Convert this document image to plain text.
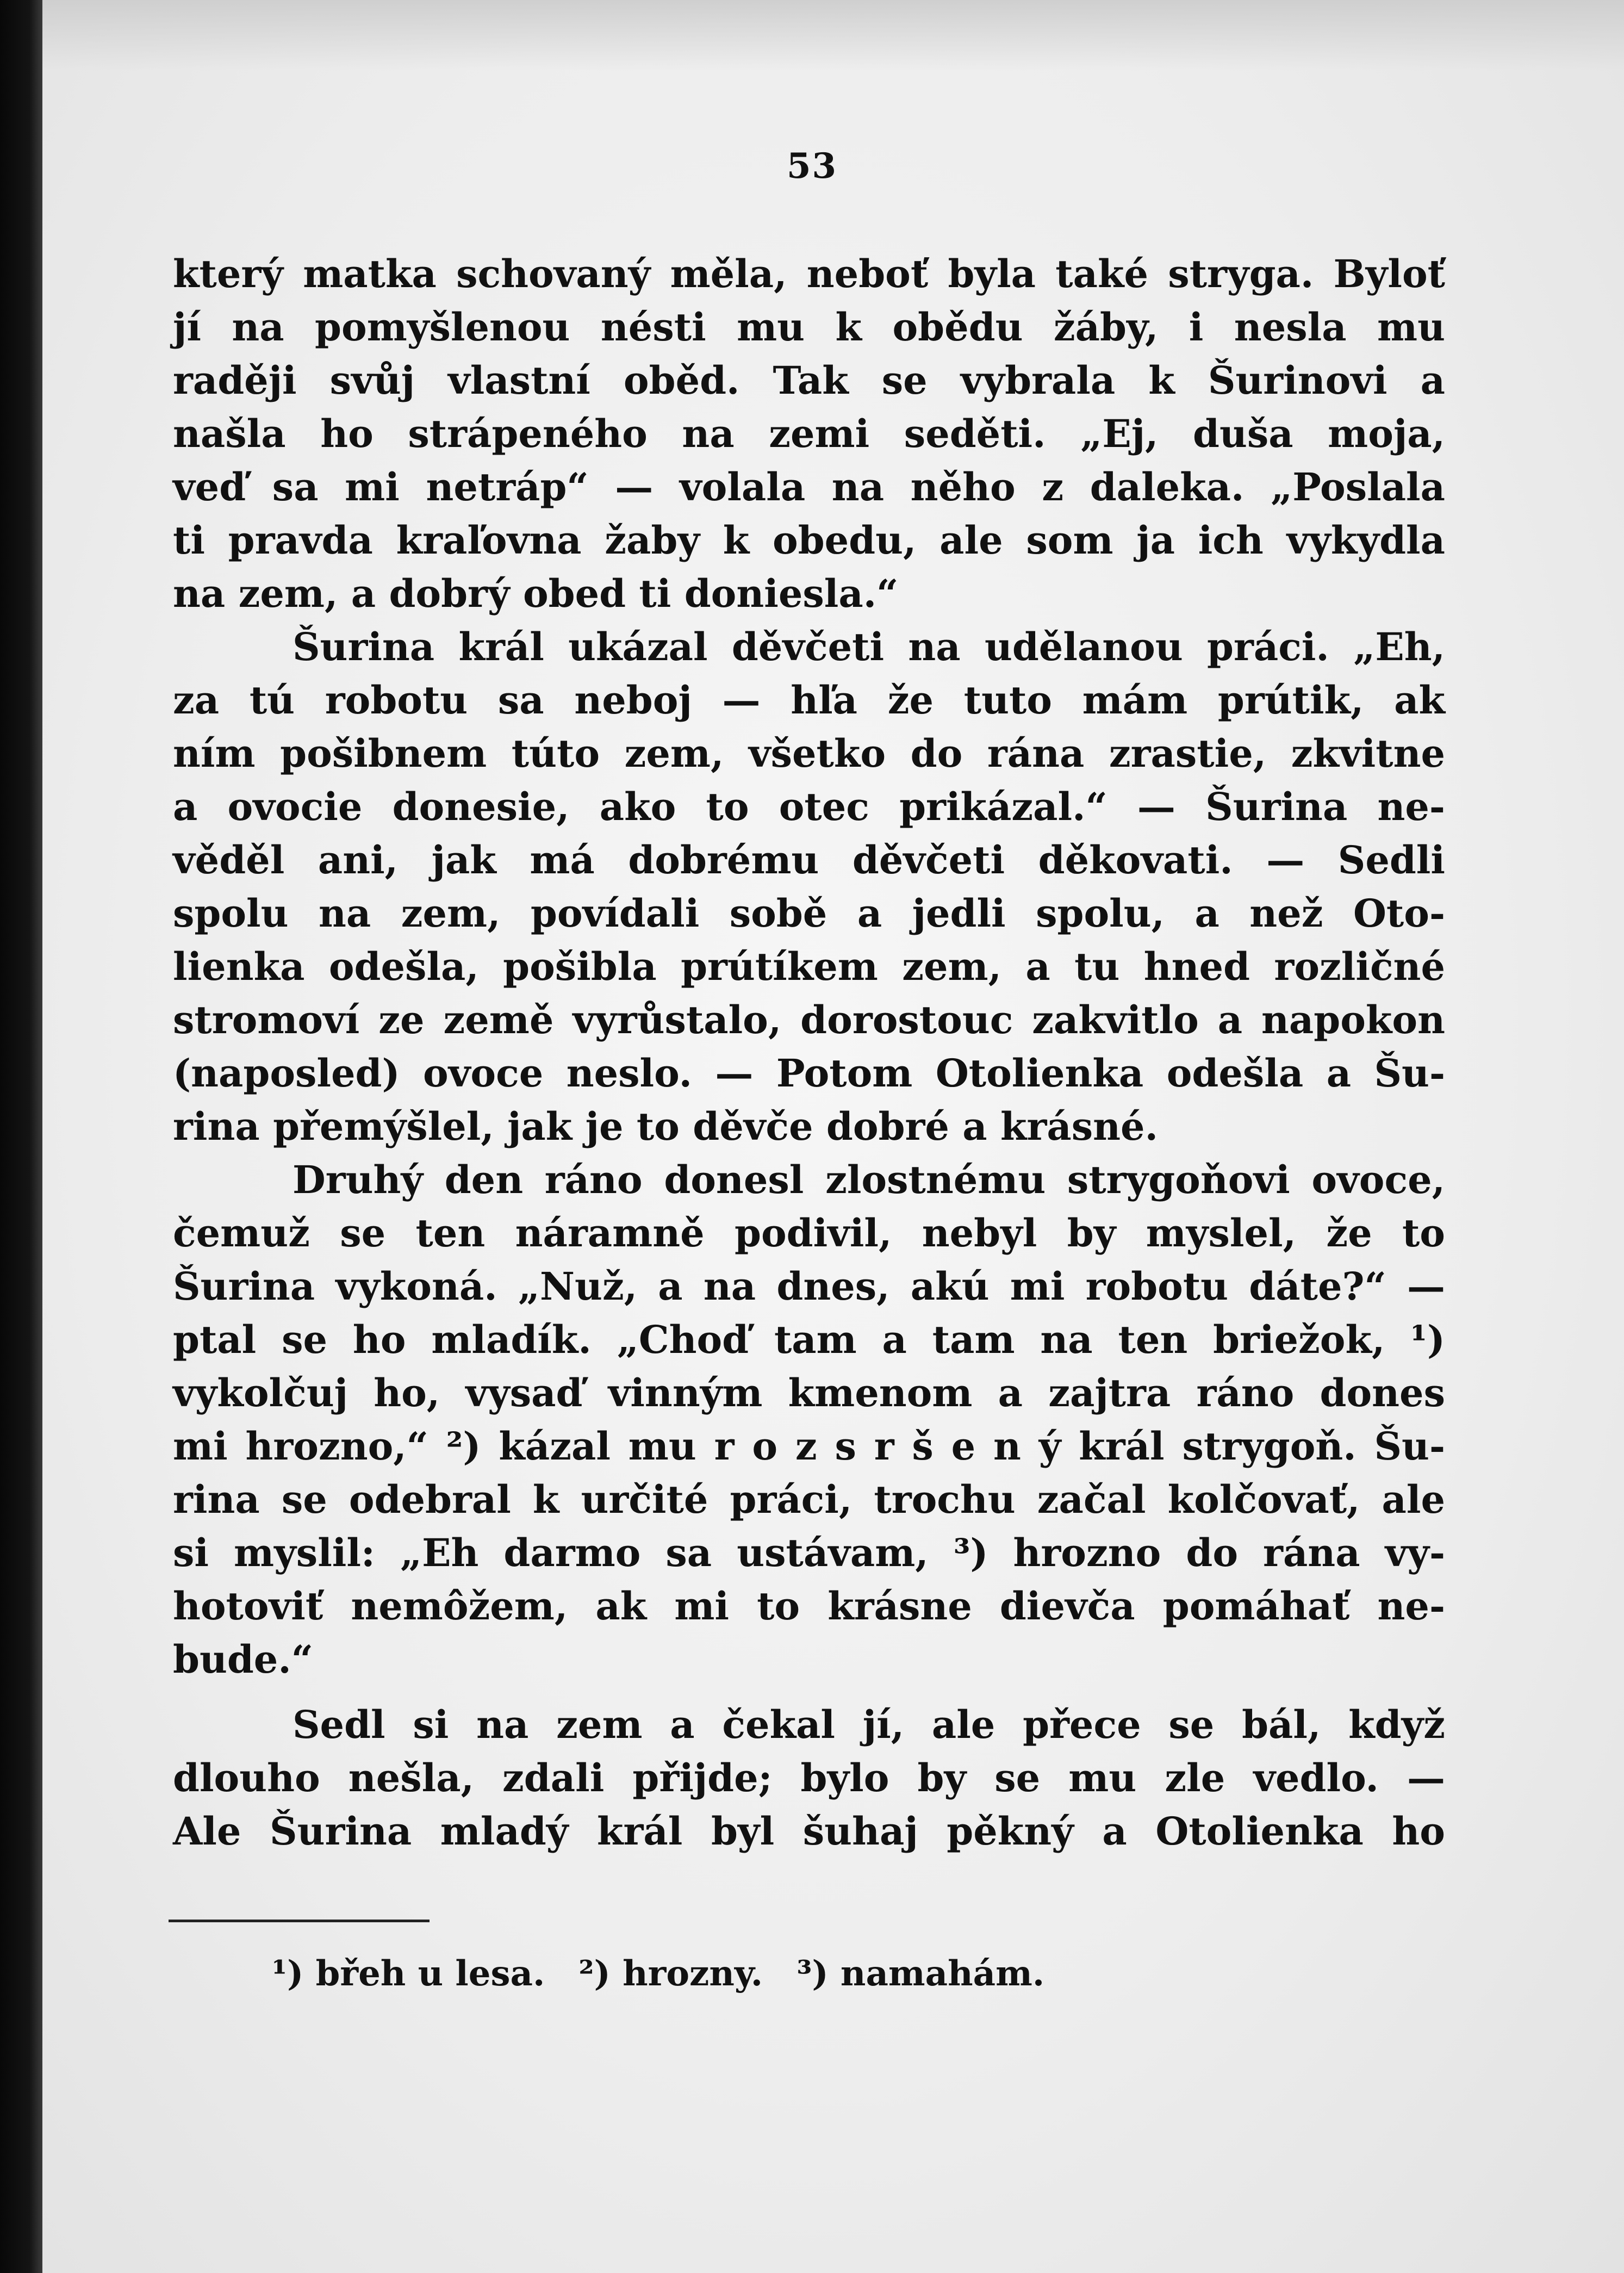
53
který matka schovaný měla, neboť byla také stryga. Byloť
jí na pomyšlenou nésti mu k obědu žáby, i nesla mu
raději svůj vlastní oběd. Tak se vybrala k Šurinovi a
našla ho strápeného na zemi seděti. „Ej, duša moja,
veď sa mi netráp“ — volala na něho z daleka. „Poslala
ti pravda kraľovna žaby k obedu, ale som ja ich vykydla
na zem, a dobrý obed ti doniesla.“
Šurina král ukázal děvčeti na udělanou práci. „Eh,
za tú robotu sa neboj — hľa že tuto mám prútik, ak
ním pošibnem túto zem, všetko do rána zrastie, zkvitne
a ovocie donesie, ako to otec prikázal.“ — Šurina ne-
věděl ani, jak má dobrému děvčeti děkovati. — Sedli
spolu na zem, povídali sobě a jedli spolu, a než Oto-
lienka odešla, pošibla prútíkem zem, a tu hned rozličné
stromoví ze země vyrůstalo, dorostouc zakvitlo a napokon
(naposled) ovoce neslo. — Potom Otolienka odešla a Šu-
rina přemýšlel, jak je to děvče dobré a krásné.
Druhý den ráno donesl zlostnému strygoňovi ovoce,
čemuž se ten náramně podivil, nebyl by myslel, že to
Šurina vykoná. „Nuž, a na dnes, akú mi robotu dáte?“ —
ptal se ho mladík. „Choď tam a tam na ten briežok, ¹)
vykolčuj ho, vysaď vinným kmenom a zajtra ráno dones
mi hrozno,“ ²) kázal mu r o z s r š e n ý král strygoň. Šu-
rina se odebral k určité práci, trochu začal kolčovať, ale
si myslil: „Eh darmo sa ustávam, ³) hrozno do rána vy-
hotoviť nemôžem, ak mi to krásne dievča pomáhať ne-
bude.“
Sedl si na zem a čekal jí, ale přece se bál, když
dlouho nešla, zdali přijde; bylo by se mu zle vedlo. —
Ale Šurina mladý král byl šuhaj pěkný a Otolienka ho
¹) břeh u lesa. ²) hrozny. ³) namahám.
